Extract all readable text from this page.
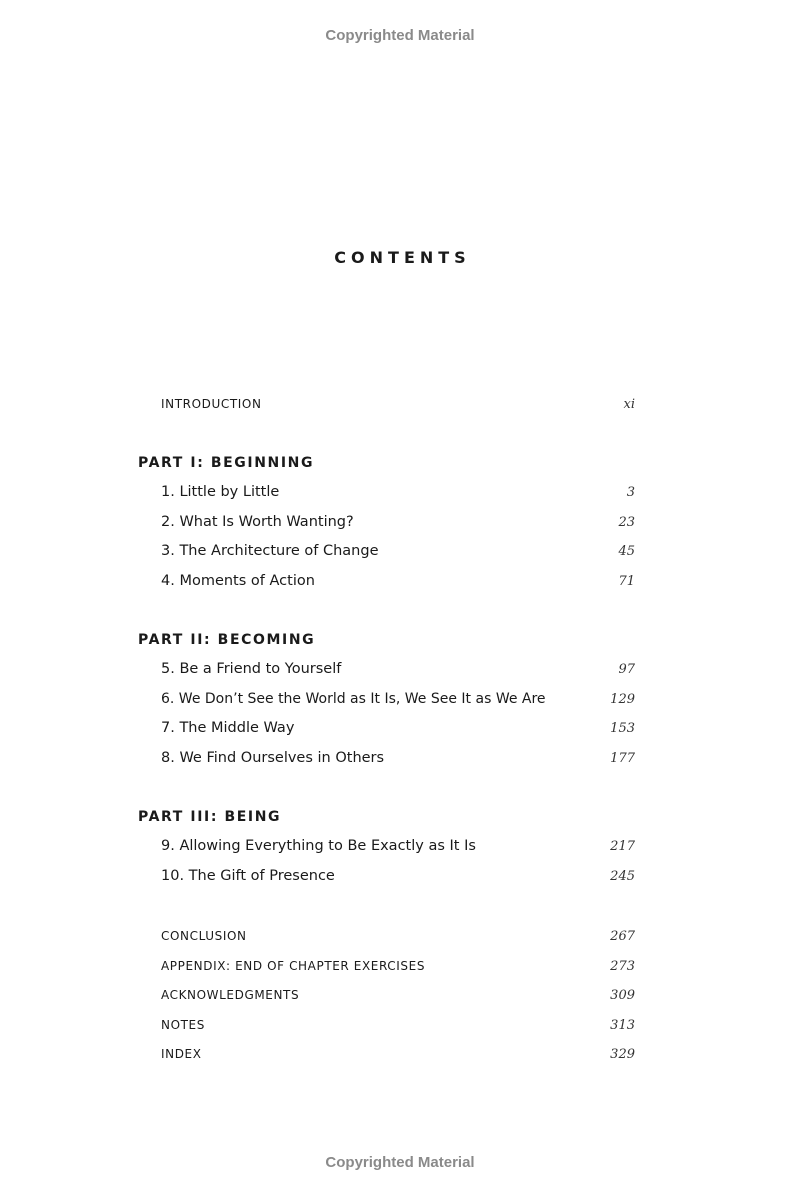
Copyrighted Material
CONTENTS
INTRODUCTION	xi
PART I: BEGINNING
1. Little by Little	3
2. What Is Worth Wanting?	23
3. The Architecture of Change	45
4. Moments of Action	71
PART II: BECOMING
5. Be a Friend to Yourself	97
6. We Don’t See the World as It Is, We See It as We Are	129
7. The Middle Way	153
8. We Find Ourselves in Others	177
PART III: BEING
9. Allowing Everything to Be Exactly as It Is	217
10. The Gift of Presence	245
CONCLUSION	267
APPENDIX: END OF CHAPTER EXERCISES	273
ACKNOWLEDGMENTS	309
NOTES	313
INDEX	329
Copyrighted Material
